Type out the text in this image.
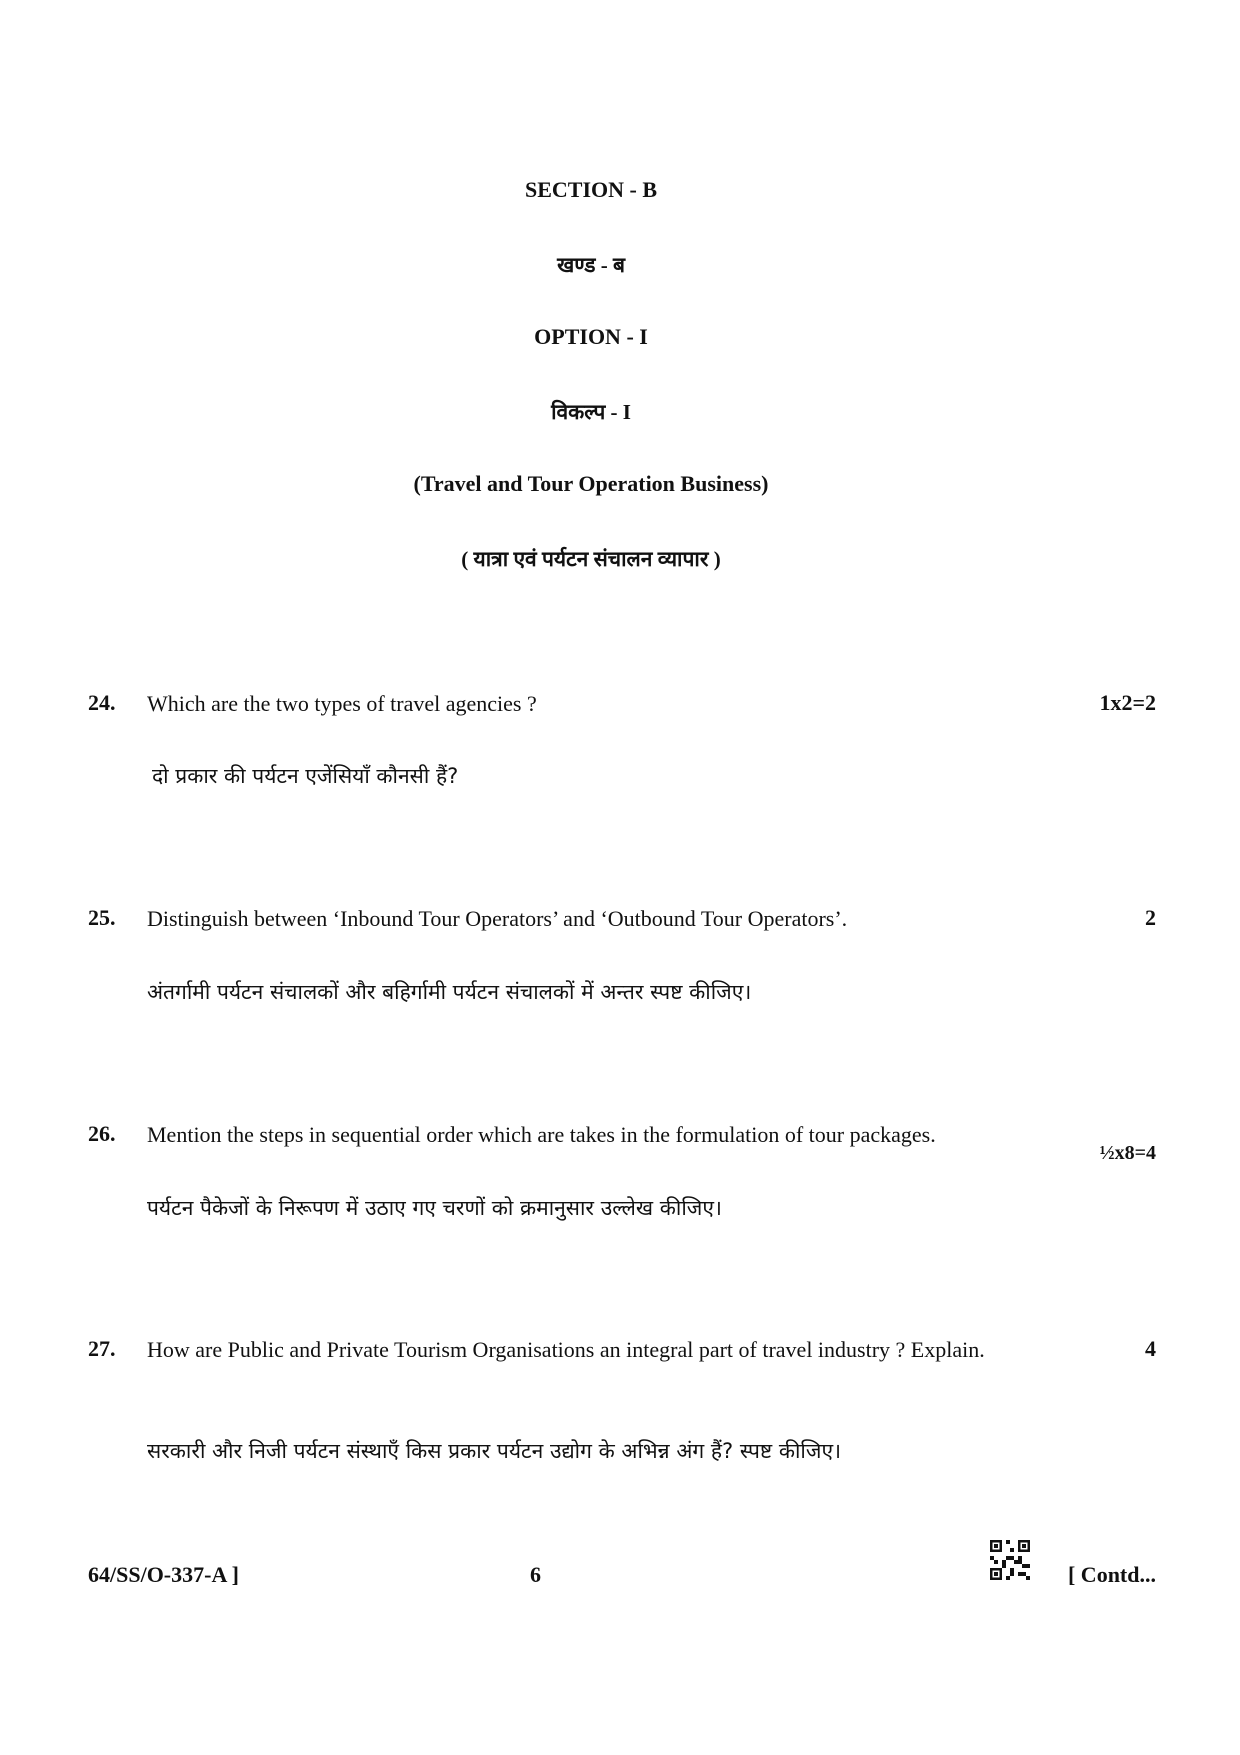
SECTION - B
खण्ड - ब
OPTION - I
विकल्प - I
(Travel and Tour Operation Business)
( यात्रा एवं पर्यटन संचालन व्यापार )
24. Which are the two types of travel agencies ?	1x2=2
दो प्रकार की पर्यटन एजेंसियाँ कौनसी हैं?
25. Distinguish between ‘Inbound Tour Operators’ and ‘Outbound Tour Operators’.	2
अंतर्गामी पर्यटन संचालकों और बहिर्गामी पर्यटन संचालकों में अन्तर स्पष्ट कीजिए।
26. Mention the steps in sequential order which are takes in the formulation of tour packages.
½x8=4
पर्यटन पैकेजों के निरूपण में उठाए गए चरणों को क्रमानुसार उल्लेख कीजिए।
27. How are Public and Private Tourism Organisations an integral part of travel industry ? Explain.	4
सरकारी और निजी पर्यटन संस्थाएँ किस प्रकार पर्यटन उद्योग के अभिन्न अंग हैं? स्पष्ट कीजिए।
64/SS/O-337-A ]	6	[ Contd...
